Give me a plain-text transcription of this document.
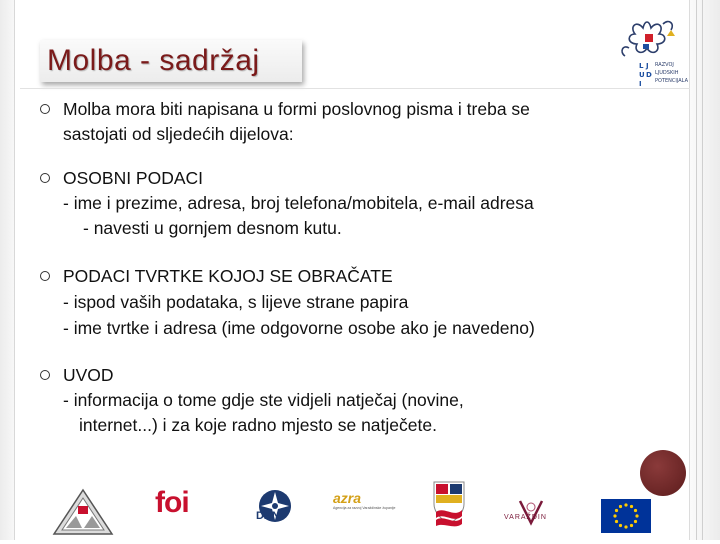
Molba - sadržaj	L J
U D
I
RAZVOJ
LJUDSKIH
POTENCIJALA
Molba mora biti napisana u formi poslovnog pisma i treba se
sastojati od sljedećih dijelova:
OSOBNI PODACI
- ime i prezime, adresa, broj telefona/mobitela, e-mail adresa
- navesti u gornjem desnom kutu.
PODACI TVRTKE KOJOJ SE OBRAČATE
- ispod vaših podataka, s lijeve strane papira
- ime tvrtke i adresa (ime odgovorne osobe ako je navedeno)
UVOD
- informacija o tome gdje ste vidjeli natječaj (novine,
internet...) i za koje radno mjesto se natječete.
foi	DAN
azra
Agencija za razvoj Varaždinske županije
VARAŽDIN
